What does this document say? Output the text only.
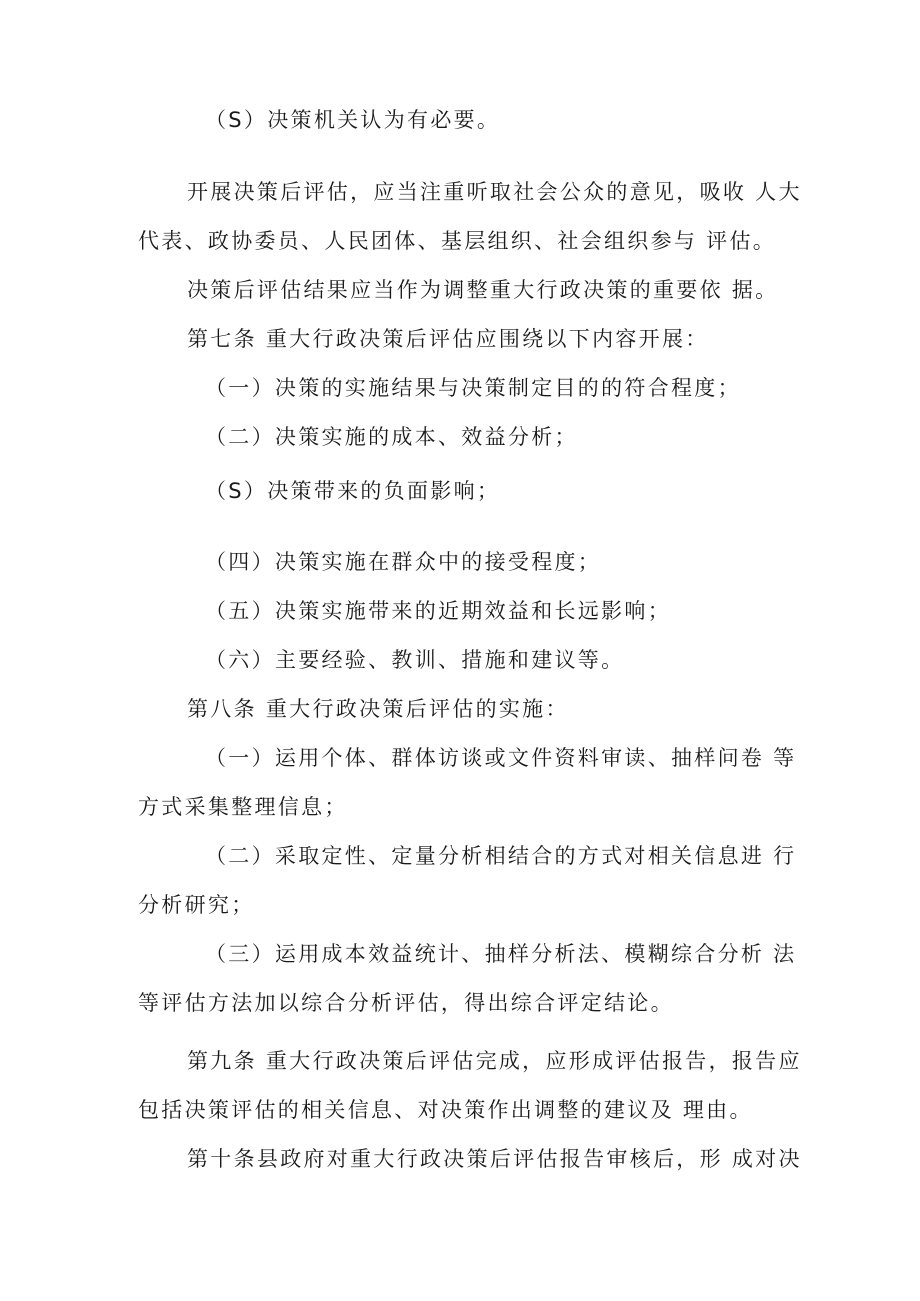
（S）决策机关认为有必要。
开展决策后评估，应当注重听取社会公众的意见，吸收 人大
代表、政协委员、人民团体、基层组织、社会组织参与 评估。
决策后评估结果应当作为调整重大行政决策的重要依 据。
第七条 重大行政决策后评估应围绕以下内容开展：
（一）决策的实施结果与决策制定目的的符合程度；
（二）决策实施的成本、效益分析；
（S）决策带来的负面影响；
（四）决策实施在群众中的接受程度；
（五）决策实施带来的近期效益和长远影响；
（六）主要经验、教训、措施和建议等。
第八条 重大行政决策后评估的实施：
（一）运用个体、群体访谈或文件资料审读、抽样问卷 等
方式采集整理信息；
（二）采取定性、定量分析相结合的方式对相关信息进 行
分析研究；
（三）运用成本效益统计、抽样分析法、模糊综合分析 法
等评估方法加以综合分析评估，得出综合评定结论。
第九条 重大行政决策后评估完成，应形成评估报告，报告应
包括决策评估的相关信息、对决策作出调整的建议及 理由。
第十条县政府对重大行政决策后评估报告审核后，形 成对决
